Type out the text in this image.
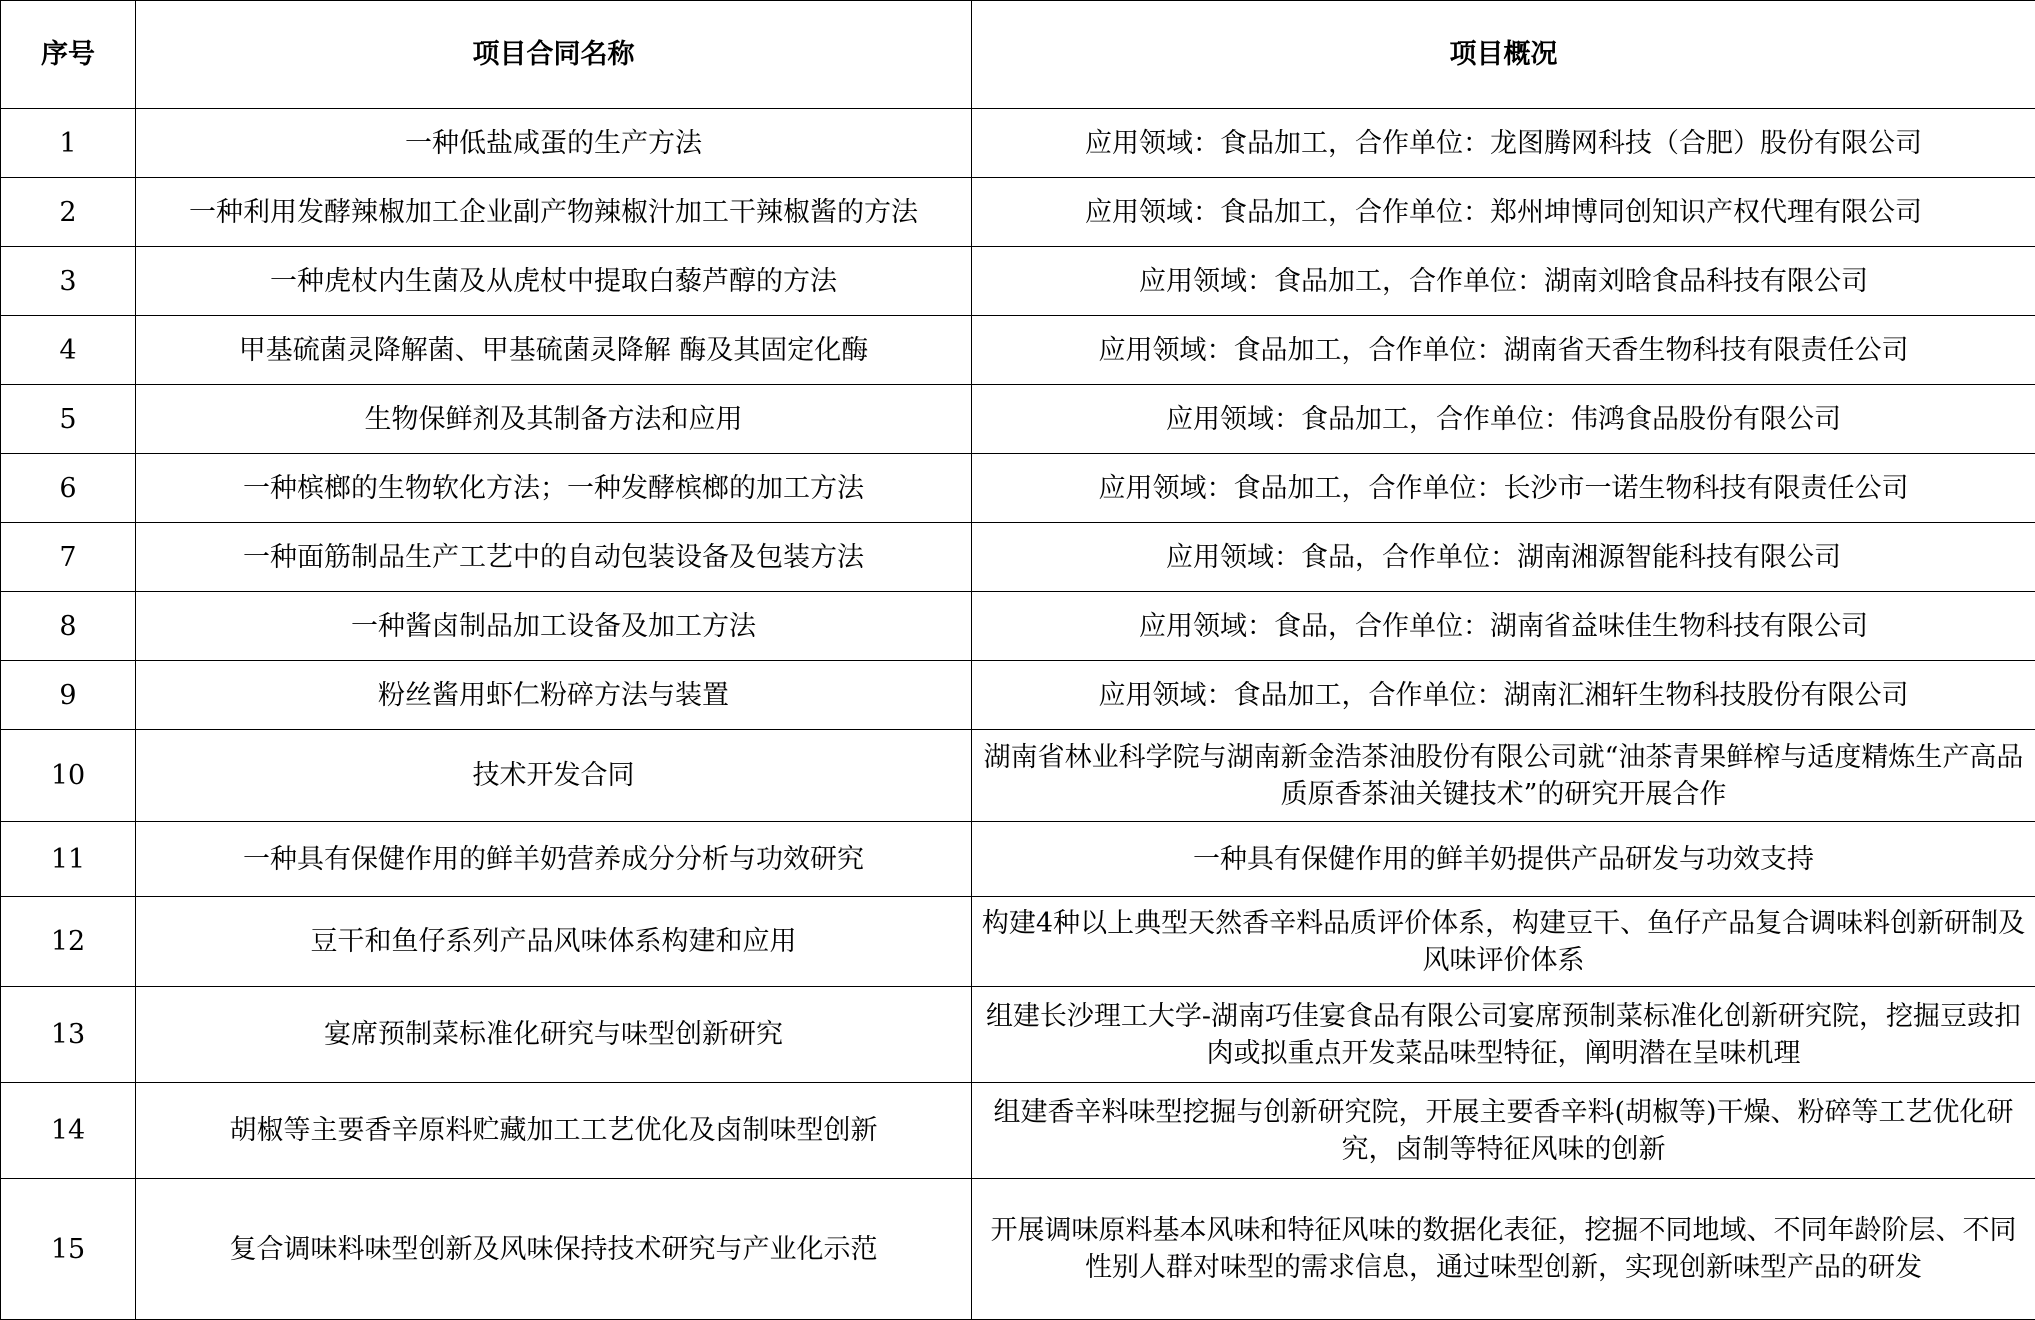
序号	项目合同名称	项目概况
1	一种低盐咸蛋的生产方法	应用领域：食品加工，合作单位：龙图腾网科技（合肥）股份有限公司
2	一种利用发酵辣椒加工企业副产物辣椒汁加工干辣椒酱的方法	应用领域：食品加工，合作单位：郑州坤博同创知识产权代理有限公司
3	一种虎杖内生菌及从虎杖中提取白藜芦醇的方法	应用领域：食品加工，合作单位：湖南刘晗食品科技有限公司
4	甲基硫菌灵降解菌、甲基硫菌灵降解 酶及其固定化酶	应用领域：食品加工，合作单位：湖南省天香生物科技有限责任公司
5	生物保鲜剂及其制备方法和应用	应用领域：食品加工，合作单位：伟鸿食品股份有限公司
6	一种槟榔的生物软化方法；一种发酵槟榔的加工方法	应用领域：食品加工，合作单位：长沙市一诺生物科技有限责任公司
7	一种面筋制品生产工艺中的自动包装设备及包装方法	应用领域：食品，合作单位：湖南湘源智能科技有限公司
8	一种酱卤制品加工设备及加工方法	应用领域：食品，合作单位：湖南省益味佳生物科技有限公司
9	粉丝酱用虾仁粉碎方法与装置	应用领域：食品加工，合作单位：湖南汇湘轩生物科技股份有限公司
10	技术开发合同	湖南省林业科学院与湖南新金浩茶油股份有限公司就“油茶青果鲜榨与适度精炼生产高品质原香茶油关键技术”的研究开展合作
11	一种具有保健作用的鲜羊奶营养成分分析与功效研究	一种具有保健作用的鲜羊奶提供产品研发与功效支持
12	豆干和鱼仔系列产品风味体系构建和应用	构建4种以上典型天然香辛料品质评价体系，构建豆干、鱼仔产品复合调味料创新研制及风味评价体系
13	宴席预制菜标准化研究与味型创新研究	组建长沙理工大学-湖南巧佳宴食品有限公司宴席预制菜标准化创新研究院，挖掘豆豉扣肉或拟重点开发菜品味型特征，阐明潜在呈味机理
14	胡椒等主要香辛原料贮藏加工工艺优化及卤制味型创新	组建香辛料味型挖掘与创新研究院，开展主要香辛料(胡椒等)干燥、粉碎等工艺优化研究，卤制等特征风味的创新
15	复合调味料味型创新及风味保持技术研究与产业化示范	开展调味原料基本风味和特征风味的数据化表征，挖掘不同地域、不同年龄阶层、不同性别人群对味型的需求信息，通过味型创新，实现创新味型产品的研发
